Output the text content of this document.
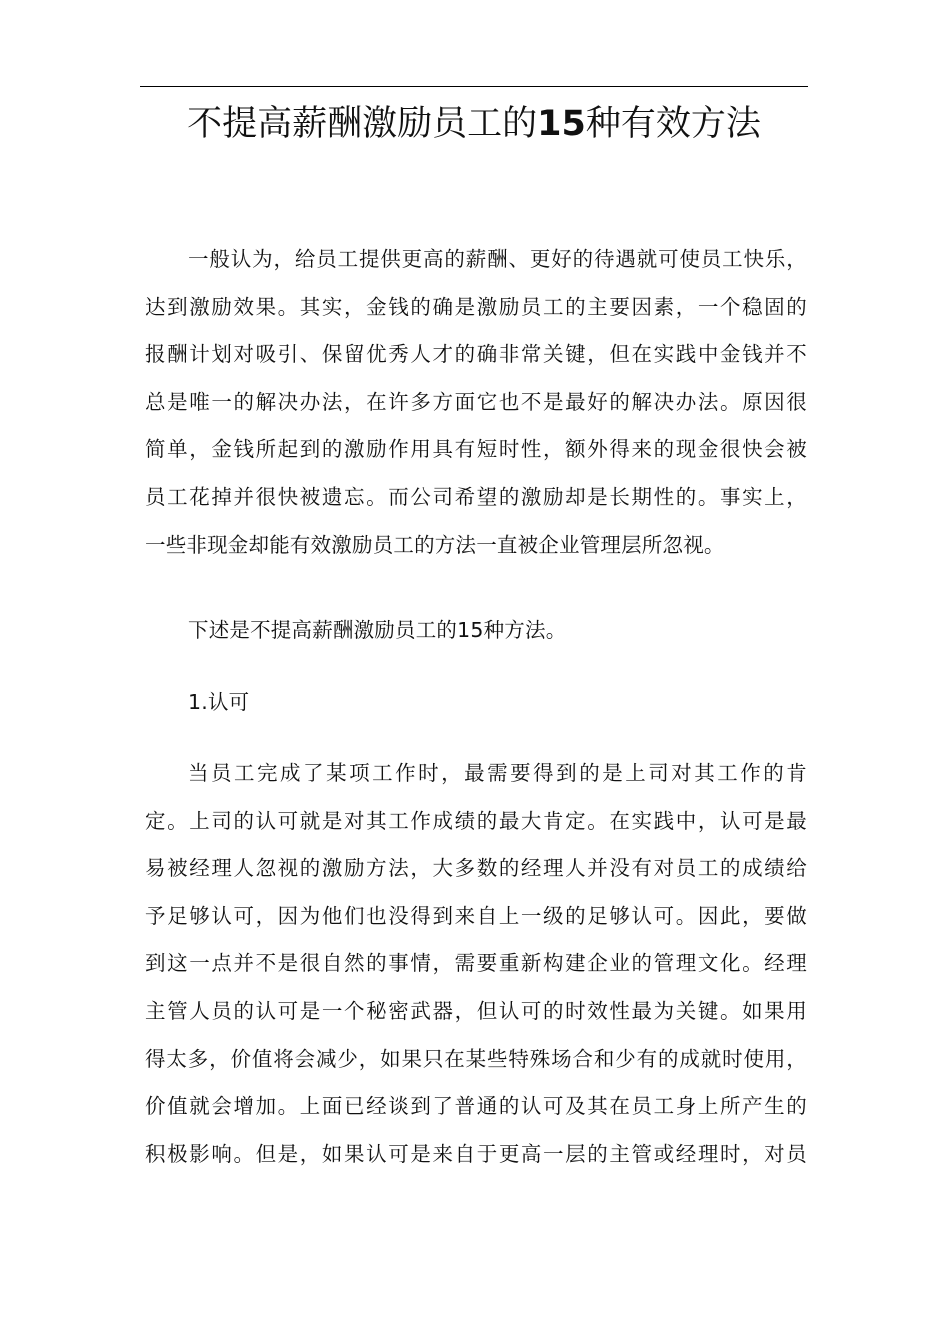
不提高薪酬激励员工的15种有效方法
一般认为，给员工提供更高的薪酬、更好的待遇就可使员工快乐，
达到激励效果。其实，金钱的确是激励员工的主要因素，一个稳固的
报酬计划对吸引、保留优秀人才的确非常关键，但在实践中金钱并不
总是唯一的解决办法，在许多方面它也不是最好的解决办法。原因很
简单，金钱所起到的激励作用具有短时性，额外得来的现金很快会被
员工花掉并很快被遗忘。而公司希望的激励却是长期性的。事实上，
一些非现金却能有效激励员工的方法一直被企业管理层所忽视。

下述是不提高薪酬激励员工的15种方法。

1.认可

当员工完成了某项工作时，最需要得到的是上司对其工作的肯
定。上司的认可就是对其工作成绩的最大肯定。在实践中，认可是最
易被经理人忽视的激励方法，大多数的经理人并没有对员工的成绩给
予足够认可，因为他们也没得到来自上一级的足够认可。因此，要做
到这一点并不是很自然的事情，需要重新构建企业的管理文化。经理
主管人员的认可是一个秘密武器，但认可的时效性最为关键。如果用
得太多，价值将会减少，如果只在某些特殊场合和少有的成就时使用，
价值就会增加。上面已经谈到了普通的认可及其在员工身上所产生的
积极影响。但是，如果认可是来自于更高一层的主管或经理时，对员
